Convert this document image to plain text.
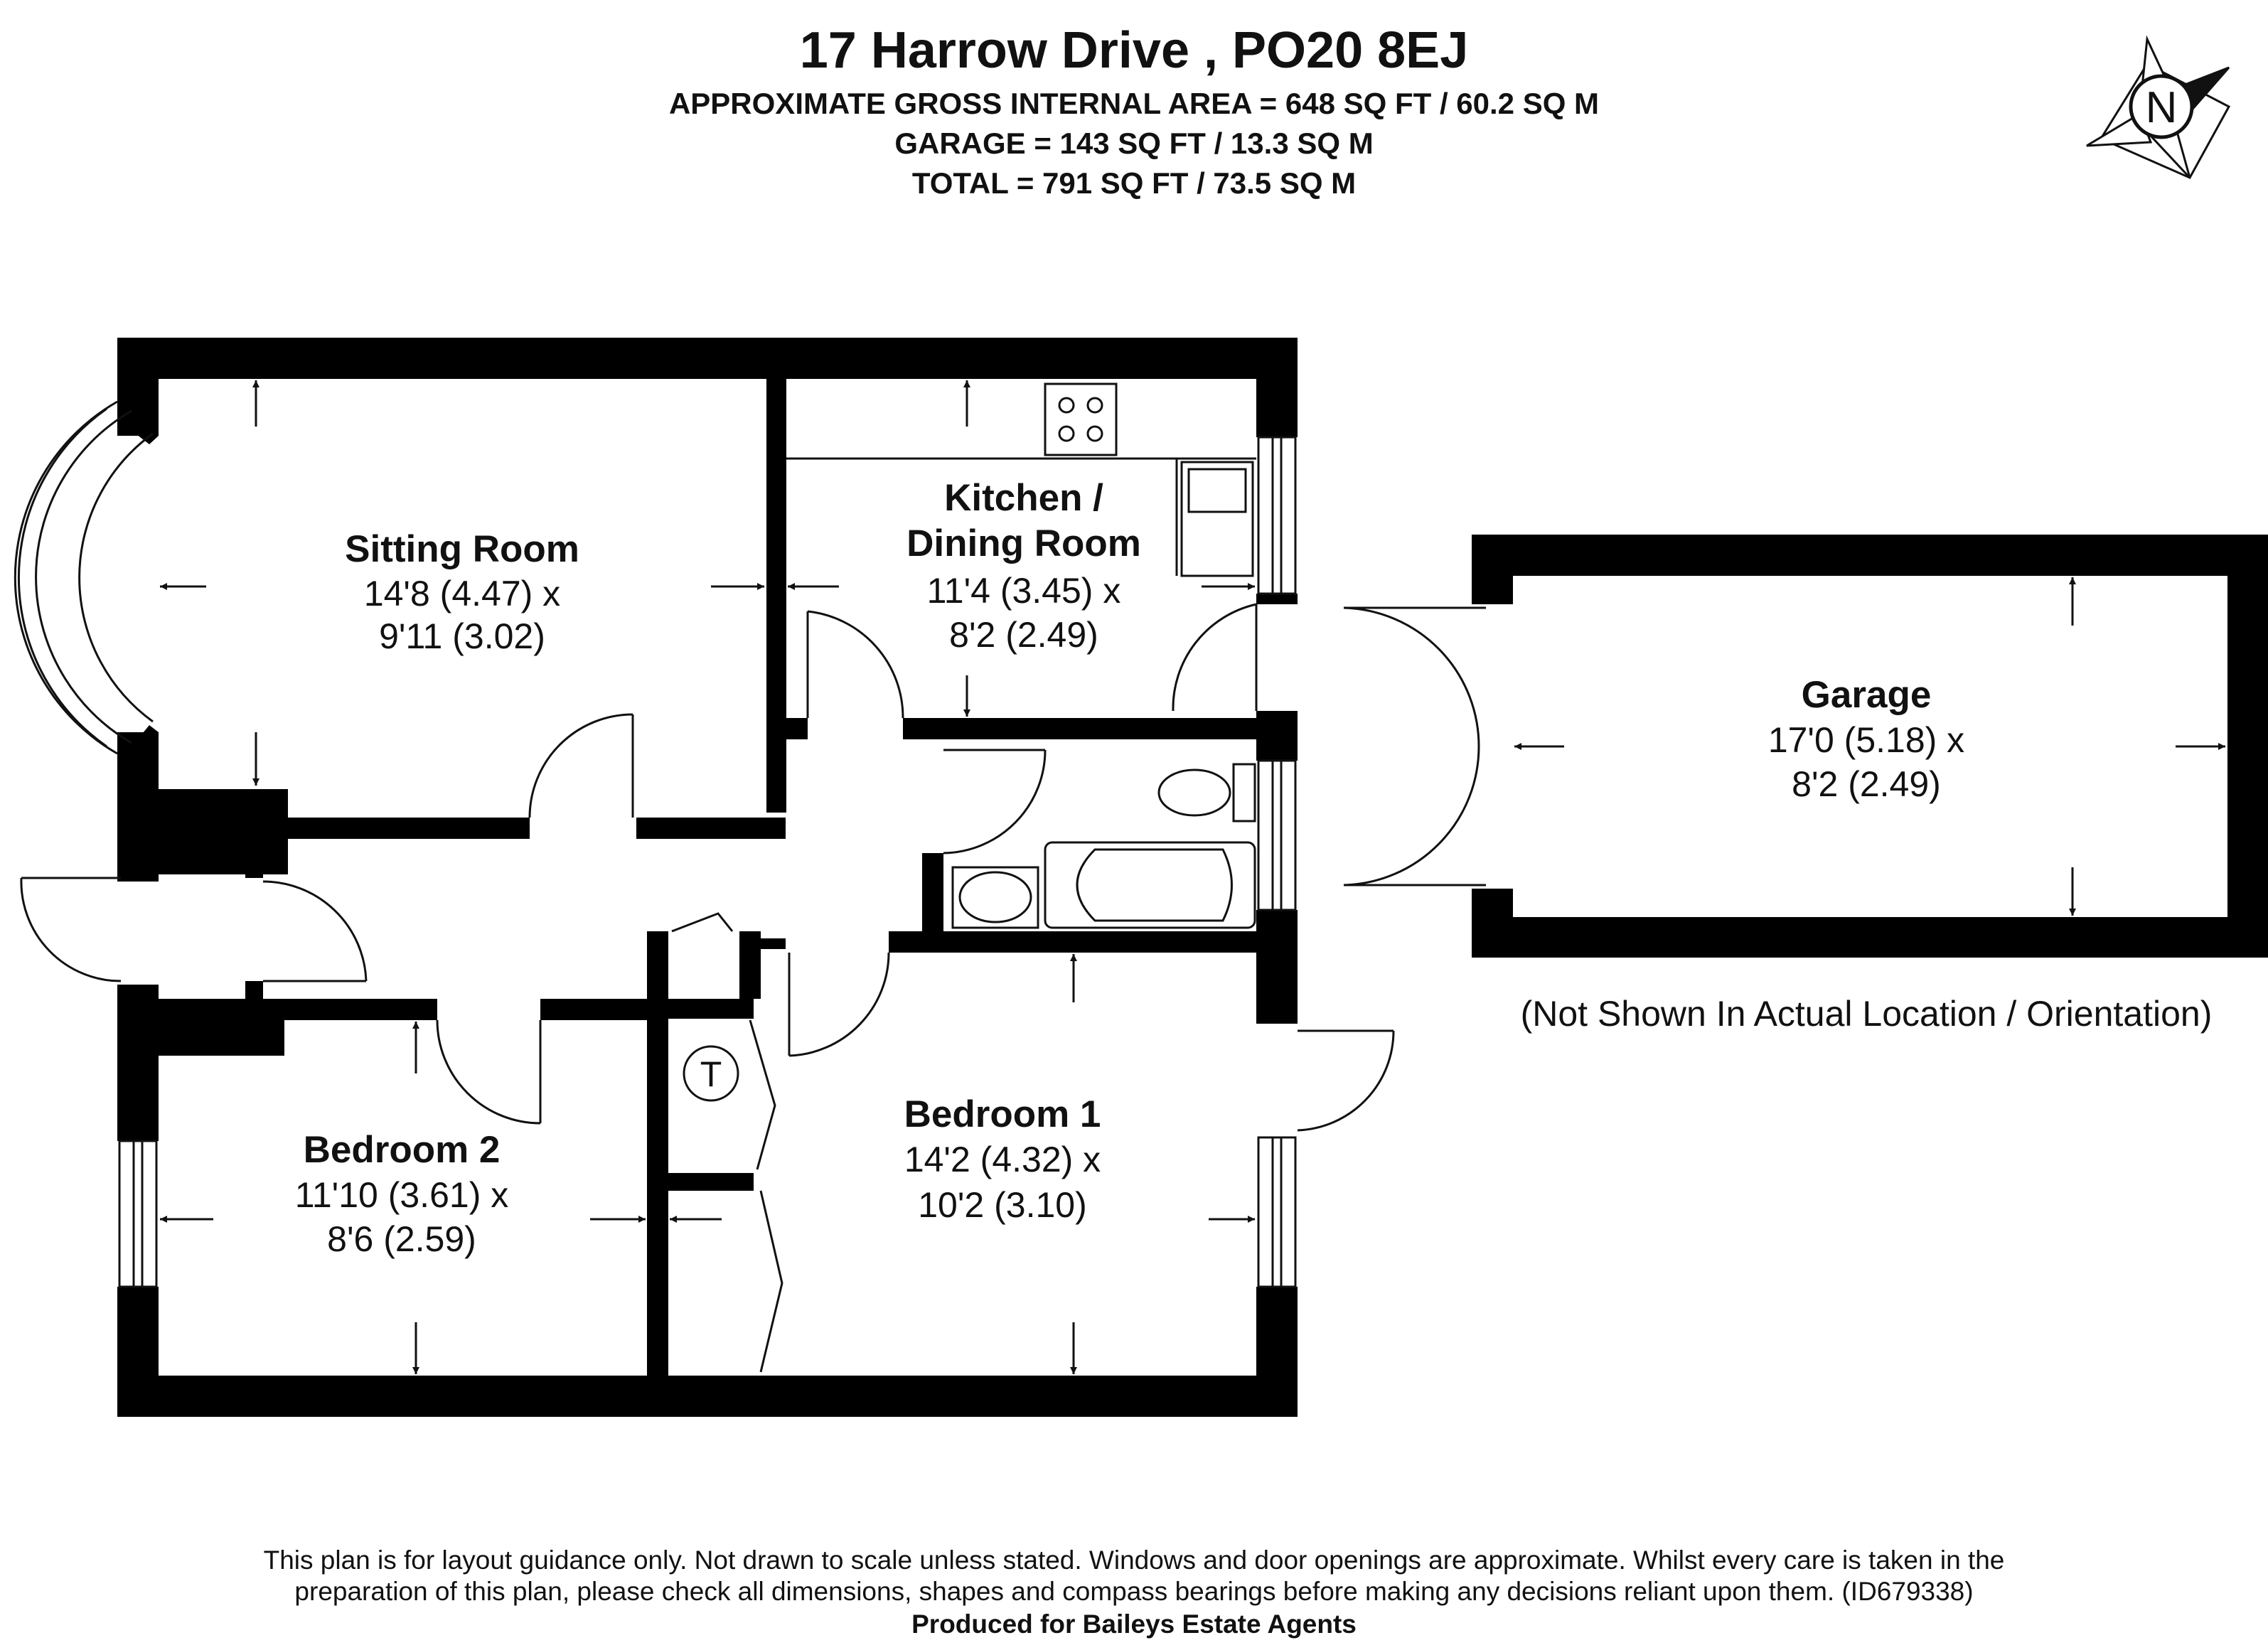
17 Harrow Drive , PO20 8EJ
APPROXIMATE GROSS INTERNAL AREA = 648 SQ FT / 60.2 SQ M
GARAGE = 143 SQ FT / 13.3 SQ M
TOTAL = 791 SQ FT / 73.5 SQ M
N
T
Sitting Room
14'8 (4.47) x
9'11 (3.02)
Kitchen /
Dining Room
11'4 (3.45) x
8'2 (2.49)
Garage
17'0 (5.18) x
8'2 (2.49)
Bedroom 1
14'2 (4.32) x
10'2 (3.10)
Bedroom 2
11'10 (3.61) x
8'6 (2.59)
(Not Shown In Actual Location / Orientation)
This plan is for layout guidance only. Not drawn to scale unless stated. Windows and door openings are approximate. Whilst every care is taken in the
preparation of this plan, please check all dimensions, shapes and compass bearings before making any decisions reliant upon them. (ID679338)
Produced for Baileys Estate Agents
